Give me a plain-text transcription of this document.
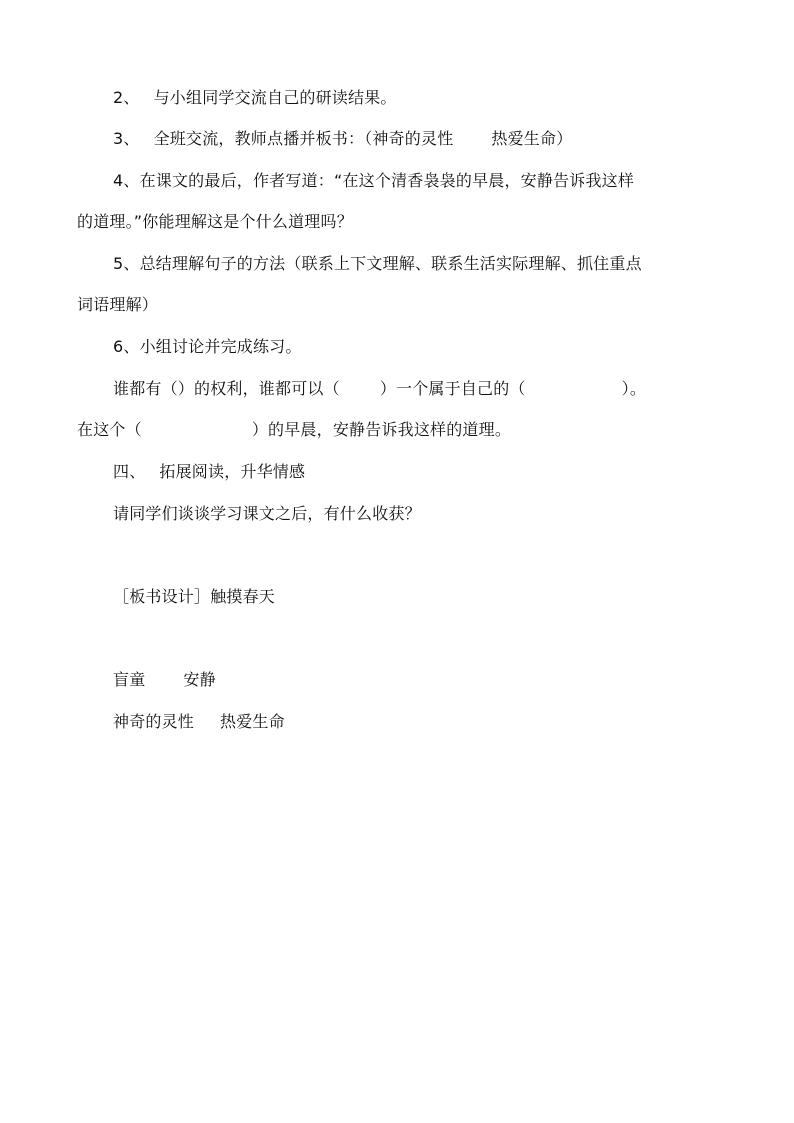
2、 与小组同学交流自己的研读结果。
3、 全班交流，教师点播并板书：（神奇的灵性 热爱生命）
4、在课文的最后，作者写道：“在这个清香袅袅的早晨，安静告诉我这样
的道理。”你能理解这是个什么道理吗？
5、总结理解句子的方法（联系上下文理解、联系生活实际理解、抓住重点
词语理解）
6、小组讨论并完成练习。
谁都有（）的权利，谁都可以（	）一个属于自己的（	）。
在这个（	）的早晨，安静告诉我这样的道理。
四、 拓展阅读，升华情感
请同学们谈谈学习课文之后，有什么收获？
［板书设计］触摸春天
盲童 安静
神奇的灵性 热爱生命
